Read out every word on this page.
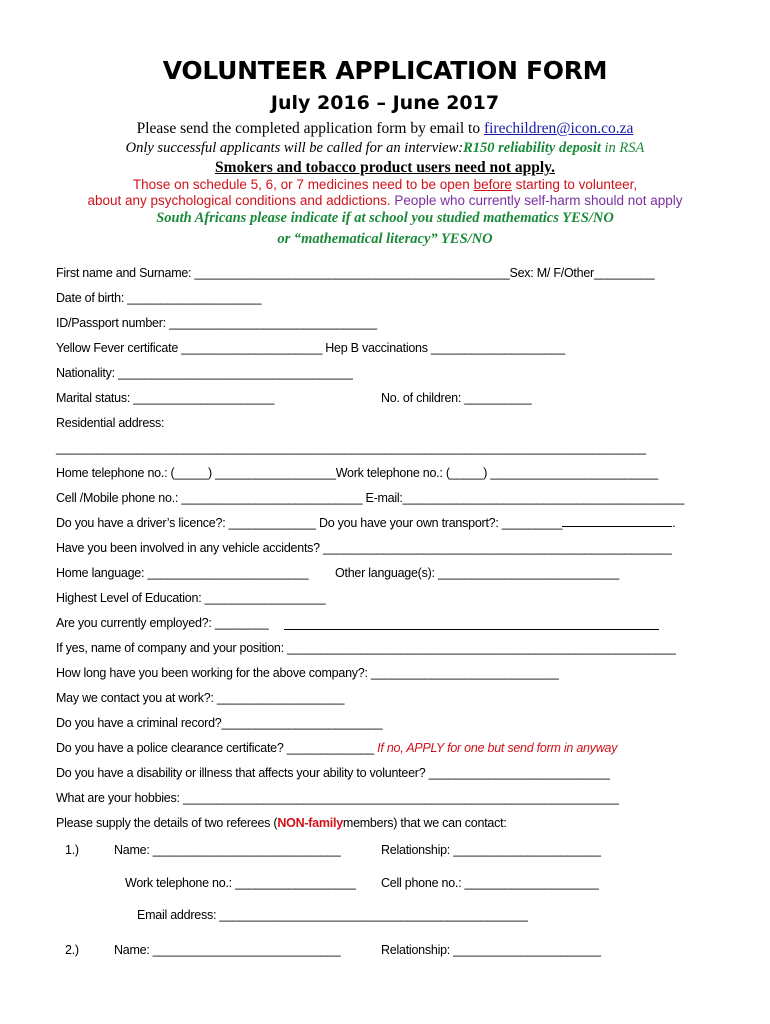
VOLUNTEER APPLICATION FORM
July 2016 – June 2017
Please send the completed application form by email to firechildren@icon.co.za
Only successful applicants will be called for an interview:R150 reliability deposit in RSA
Smokers and tobacco product users need not apply.
Those on schedule 5, 6, or 7 medicines need to be open before starting to volunteer,
about any psychological conditions and addictions. People who currently self-harm should not apply
South Africans please indicate if at school you studied mathematics YES/NO
or “mathematical literacy” YES/NO
First name and Surname: _______________________________________________Sex: M/ F/Other_________
Date of birth: ____________________
ID/Passport number: _______________________________
Yellow Fever certificate _____________________ Hep B vaccinations ____________________
Nationality: ___________________________________
Marital status: _____________________	No. of children: __________
Residential address:
________________________________________________________________________________________
Home telephone no.: (_____) __________________Work telephone no.: (_____) _________________________
Cell /Mobile phone no.: ___________________________ E-mail:__________________________________________
Do you have a driver’s licence?: _____________ Do you have your own transport?: _________	.
Have you been involved in any vehicle accidents? ____________________________________________________
Home language: ________________________ Other language(s): ___________________________
Highest Level of Education: __________________
Are you currently employed?: ________
If yes, name of company and your position: __________________________________________________________
How long have you been working for the above company?: ____________________________
May we contact you at work?: ___________________
Do you have a criminal record?________________________
Do you have a police clearance certificate? _____________ If no, APPLY for one but send form in anyway
Do you have a disability or illness that affects your ability to volunteer? ___________________________
What are your hobbies: _________________________________________________________________
Please supply the details of two referees (NON-familymembers) that we can contact:
1.)	Name: ____________________________	Relationship: ______________________
Work telephone no.: __________________ Cell phone no.: ____________________
Email address: ______________________________________________
2.)	Name: ____________________________	Relationship: ______________________
